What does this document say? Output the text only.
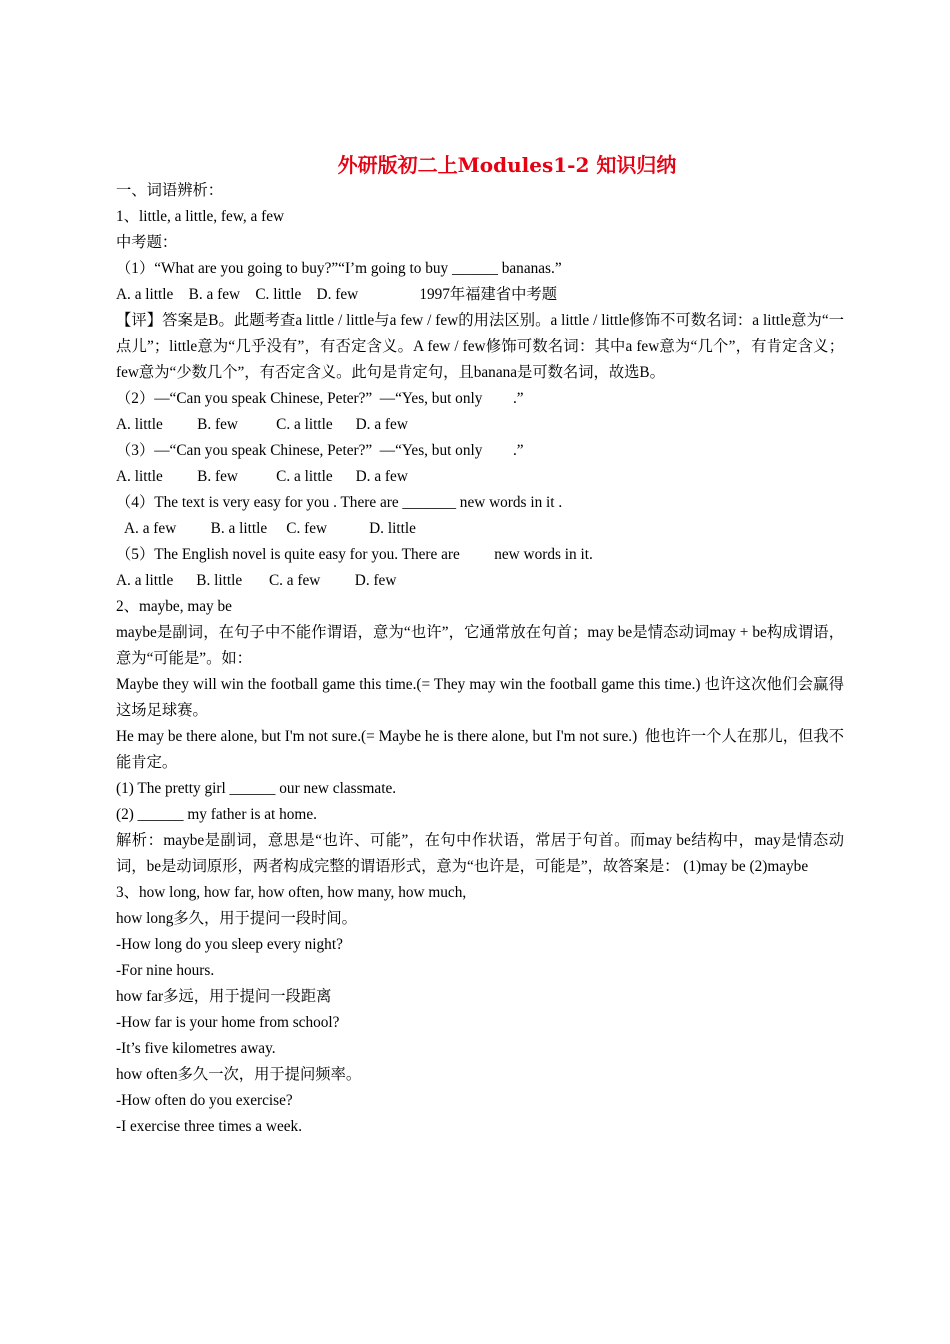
外研版初二上Modules1-2 知识归纳

一、词语辨析：

1、little, a little, few, a few

中考题：

（1）“What are you going to buy?”“I’m going to buy ______ bananas.”

A. a little    B. a few    C. little    D. few                1997年福建省中考题

【评】答案是B。此题考查a little / little与a few / few的用法区别。a little / little修饰不可数名词：a little意为“一点儿”；little意为“几乎没有”，有否定含义。A few / few修饰可数名词：其中a few意为“几个”，有肯定含义；few意为“少数几个”，有否定含义。此句是肯定句，且banana是可数名词，故选B。

（2）—“Can you speak Chinese, Peter?”  —“Yes, but only        .”

A. little         B. few          C. a little      D. a few

（3）—“Can you speak Chinese, Peter?”  —“Yes, but only        .”

A. little         B. few          C. a little      D. a few

（4）The text is very easy for you . There are _______ new words in it .

A. a few         B. a little     C. few           D. little

（5）The English novel is quite easy for you. There are         new words in it.

A. a little      B. little       C. a few         D. few

2、maybe, may be

maybe是副词，在句子中不能作谓语，意为“也许”，它通常放在句首；may be是情态动词may + be构成谓语，意为“可能是”。如：

Maybe they will win the football game this time.(= They may win the football game this time.) 也许这次他们会赢得这场足球赛。

He may be there alone, but I'm not sure.(= Maybe he is there alone, but I'm not sure.)  他也许一个人在那儿，但我不能肯定。

(1) The pretty girl ______ our new classmate.

(2) ______ my father is at home.

解析：maybe是副词，意思是“也许、可能”，在句中作状语，常居于句首。而may be结构中，may是情态动词，be是动词原形，两者构成完整的谓语形式，意为“也许是，可能是”，故答案是： (1)may be (2)maybe

3、how long, how far, how often, how many, how much,

how long多久，用于提问一段时间。

-How long do you sleep every night?

-For nine hours.

how far多远，用于提问一段距离

-How far is your home from school?

-It’s five kilometres away.

how often多久一次，用于提问频率。

-How often do you exercise?

-I exercise three times a week.
